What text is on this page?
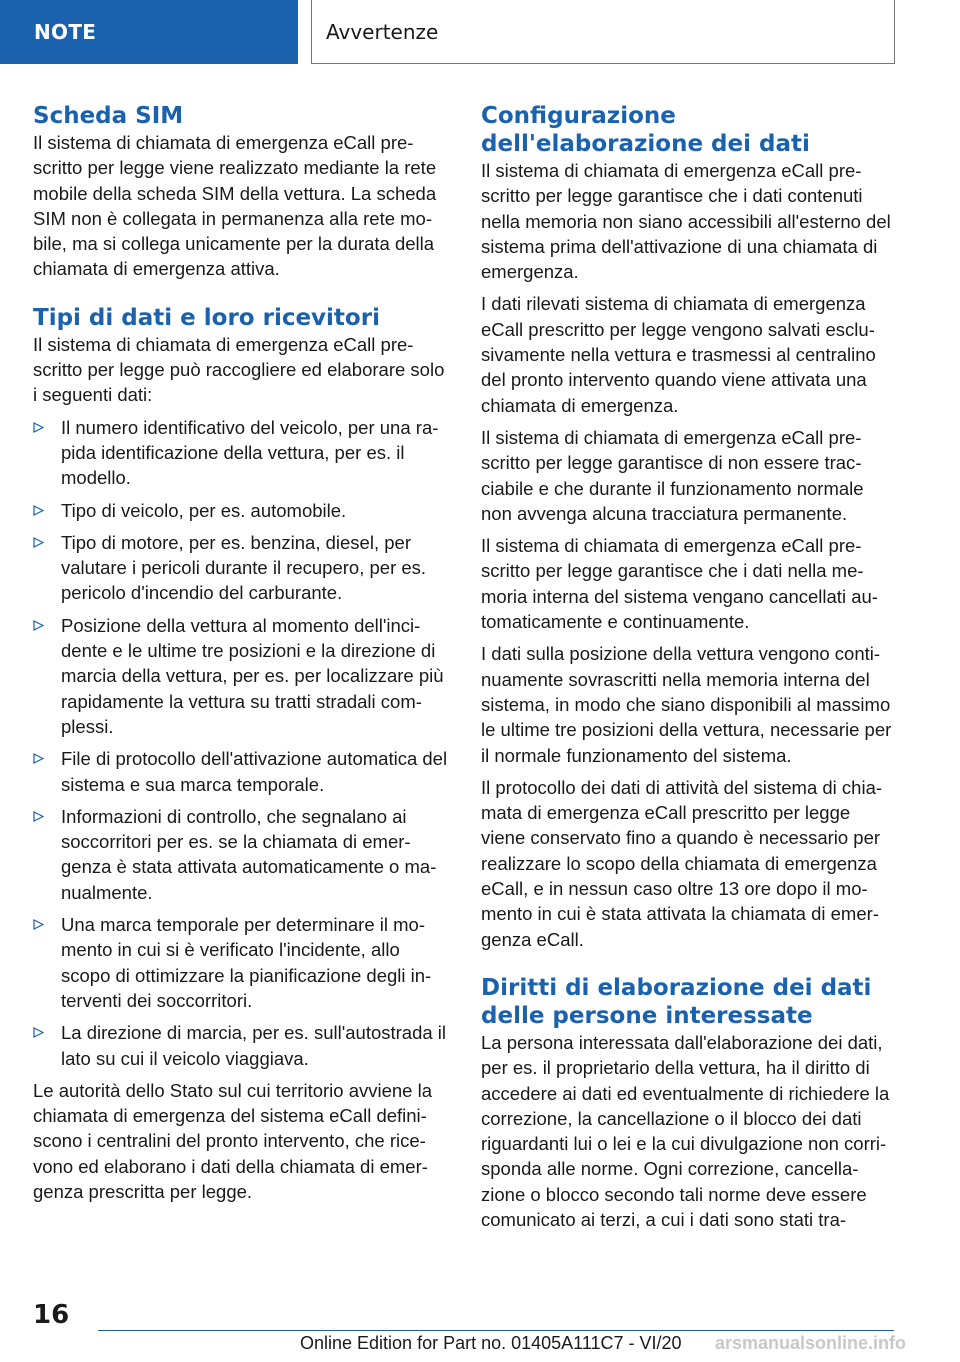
NOTE	Avvertenze
Scheda SIM

Il sistema di chiamata di emergenza eCall prescritto per legge viene realizzato mediante la rete mobile della scheda SIM della vettura. La scheda SIM non è collegata in permanenza alla rete mobile, ma si collega unicamente per la durata della chiamata di emergenza attiva.

Tipi di dati e loro ricevitori

Il sistema di chiamata di emergenza eCall prescritto per legge può raccogliere ed elaborare solo i seguenti dati:

Il numero identificativo del veicolo, per una rapida identificazione della vettura, per es. il modello.
Tipo di veicolo, per es. automobile.
Tipo di motore, per es. benzina, diesel, per valutare i pericoli durante il recupero, per es. pericolo d'incendio del carburante.
Posizione della vettura al momento dell'incidente e le ultime tre posizioni e la direzione di marcia della vettura, per es. per localizzare più rapidamente la vettura su tratti stradali complessi.
File di protocollo dell'attivazione automatica del sistema e sua marca temporale.
Informazioni di controllo, che segnalano ai soccorritori per es. se la chiamata di emergenza è stata attivata automaticamente o manualmente.
Una marca temporale per determinare il momento in cui si è verificato l'incidente, allo scopo di ottimizzare la pianificazione degli interventi dei soccorritori.
La direzione di marcia, per es. sull'autostrada il lato su cui il veicolo viaggiava.

Le autorità dello Stato sul cui territorio avviene la chiamata di emergenza del sistema eCall definiscono i centralini del pronto intervento, che ricevono ed elaborano i dati della chiamata di emergenza prescritta per legge.

Configurazione dell'elaborazione dei dati

Il sistema di chiamata di emergenza eCall prescritto per legge garantisce che i dati contenuti nella memoria non siano accessibili all'esterno del sistema prima dell'attivazione di una chiamata di emergenza.

I dati rilevati sistema di chiamata di emergenza eCall prescritto per legge vengono salvati esclusivamente nella vettura e trasmessi al centralino del pronto intervento quando viene attivata una chiamata di emergenza.

Il sistema di chiamata di emergenza eCall prescritto per legge garantisce di non essere tracciabile e che durante il funzionamento normale non avvenga alcuna tracciatura permanente.

Il sistema di chiamata di emergenza eCall prescritto per legge garantisce che i dati nella memoria interna del sistema vengano cancellati automaticamente e continuamente.

I dati sulla posizione della vettura vengono continuamente sovrascritti nella memoria interna del sistema, in modo che siano disponibili al massimo le ultime tre posizioni della vettura, necessarie per il normale funzionamento del sistema.

Il protocollo dei dati di attività del sistema di chiamata di emergenza eCall prescritto per legge viene conservato fino a quando è necessario per realizzare lo scopo della chiamata di emergenza eCall, e in nessun caso oltre 13 ore dopo il momento in cui è stata attivata la chiamata di emergenza eCall.

Diritti di elaborazione dei dati delle persone interessate

La persona interessata dall'elaborazione dei dati, per es. il proprietario della vettura, ha il diritto di accedere ai dati ed eventualmente di richiedere la correzione, la cancellazione o il blocco dei dati riguardanti lui o lei e la cui divulgazione non corrisponda alle norme. Ogni correzione, cancellazione o blocco secondo tali norme deve essere comunicato ai terzi, a cui i dati sono stati tra-

16
Online Edition for Part no. 01405A111C7 - VI/20 arsmanualsonline.info
